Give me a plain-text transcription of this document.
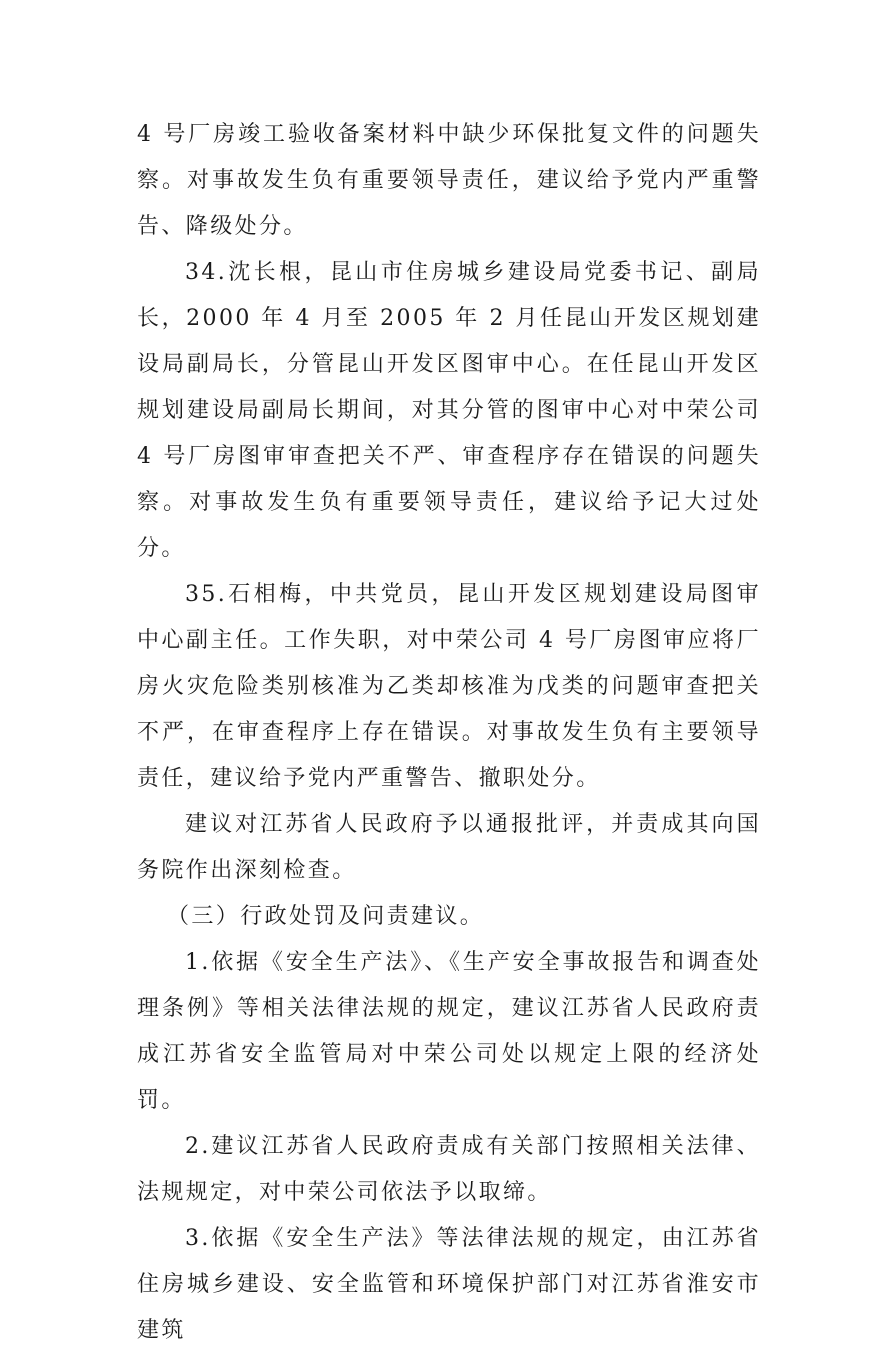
4 号厂房竣工验收备案材料中缺少环保批复文件的问题失察。对事故发生负有重要领导责任，建议给予党内严重警告、降级处分。

34.沈长根，昆山市住房城乡建设局党委书记、副局长，2000 年 4 月至 2005 年 2 月任昆山开发区规划建设局副局长，分管昆山开发区图审中心。在任昆山开发区规划建设局副局长期间，对其分管的图审中心对中荣公司 4 号厂房图审审查把关不严、审查程序存在错误的问题失察。对事故发生负有重要领导责任，建议给予记大过处分。

35.石相梅，中共党员，昆山开发区规划建设局图审中心副主任。工作失职，对中荣公司 4 号厂房图审应将厂房火灾危险类别核准为乙类却核准为戊类的问题审查把关不严，在审查程序上存在错误。对事故发生负有主要领导责任，建议给予党内严重警告、撤职处分。

建议对江苏省人民政府予以通报批评，并责成其向国务院作出深刻检查。

（三）行政处罚及问责建议。

1.依据《安全生产法》、《生产安全事故报告和调查处理条例》等相关法律法规的规定，建议江苏省人民政府责成江苏省安全监管局对中荣公司处以规定上限的经济处罚。

2.建议江苏省人民政府责成有关部门按照相关法律、法规规定，对中荣公司依法予以取缔。

3.依据《安全生产法》等法律法规的规定，由江苏省住房城乡建设、安全监管和环境保护部门对江苏省淮安市建筑
